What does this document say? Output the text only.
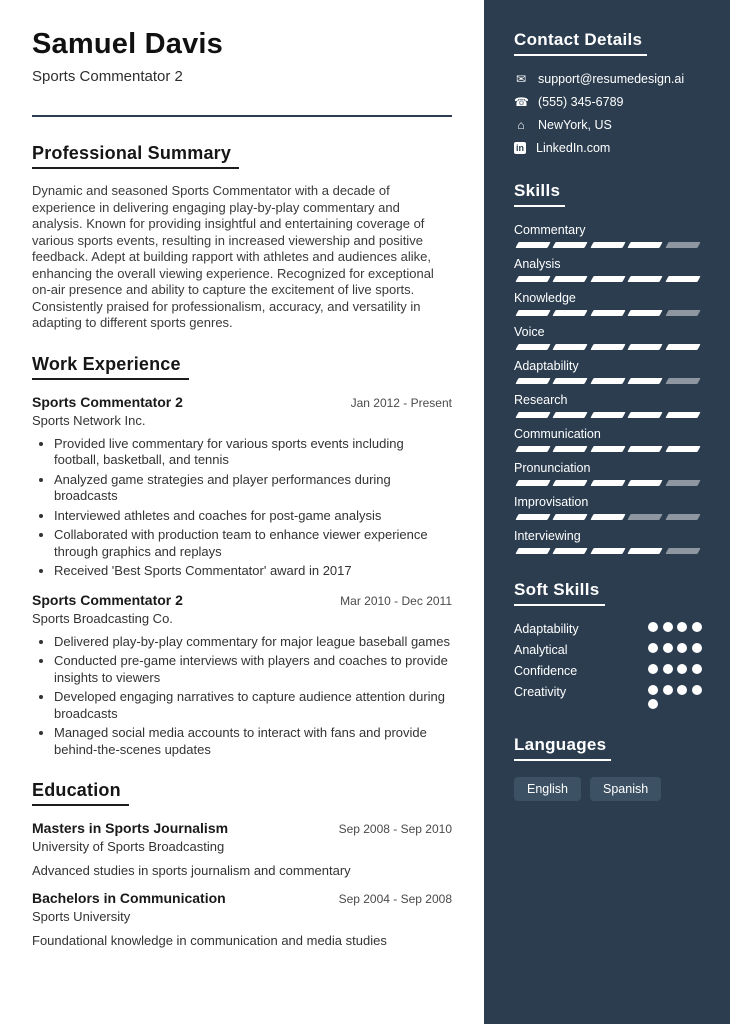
Samuel Davis
Sports Commentator 2
Professional Summary

Dynamic and seasoned Sports Commentator with a decade of experience in delivering engaging play-by-play commentary and analysis. Known for providing insightful and entertaining coverage of various sports events, resulting in increased viewership and positive feedback. Adept at building rapport with athletes and audiences alike, enhancing the overall viewing experience. Recognized for exceptional on-air presence and ability to capture the excitement of live sports. Consistently praised for professionalism, accuracy, and versatility in adapting to different sports genres.

Work Experience
Sports Commentator 2	Jan 2012 - Present
Sports Network Inc.
• Provided live commentary for various sports events including football, basketball, and tennis
• Analyzed game strategies and player performances during broadcasts
• Interviewed athletes and coaches for post-game analysis
• Collaborated with production team to enhance viewer experience through graphics and replays
• Received 'Best Sports Commentator' award in 2017
Sports Commentator 2	Mar 2010 - Dec 2011
Sports Broadcasting Co.
• Delivered play-by-play commentary for major league baseball games
• Conducted pre-game interviews with players and coaches to provide insights to viewers
• Developed engaging narratives to capture audience attention during broadcasts
• Managed social media accounts to interact with fans and provide behind-the-scenes updates
Education
Masters in Sports Journalism	Sep 2008 - Sep 2010
University of Sports Broadcasting

Advanced studies in sports journalism and commentary

Bachelors in Communication	Sep 2004 - Sep 2008
Sports University

Foundational knowledge in communication and media studies

Contact Details
✉ support@resumedesign.ai
☎ (555) 345-6789
⌂ NewYork, US
in LinkedIn.com
Skills
Commentary
Analysis
Knowledge
Voice
Adaptability
Research
Communication
Pronunciation
Improvisation
Interviewing
Soft Skills
Adaptability
Analytical
Confidence
Creativity
Languages
English	Spanish
